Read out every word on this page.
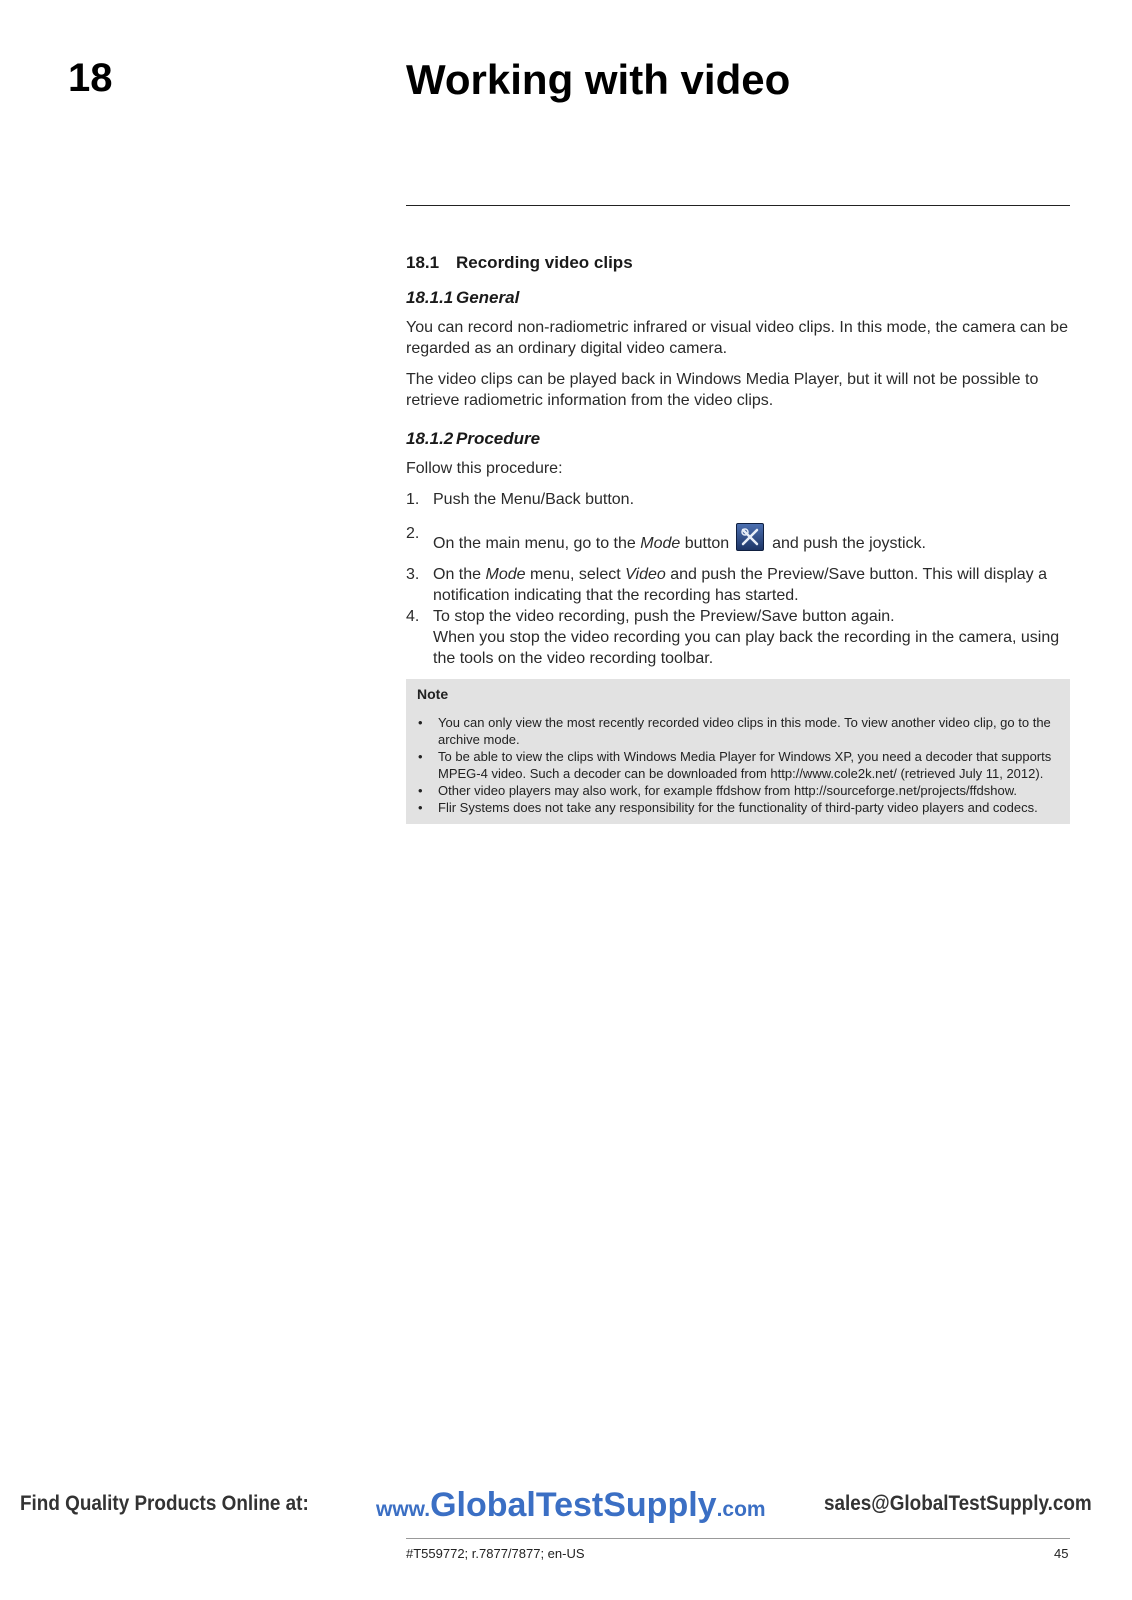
18	Working with video
18.1 Recording video clips
18.1.1 General

You can record non-radiometric infrared or visual video clips. In this mode, the camera can be regarded as an ordinary digital video camera.

The video clips can be played back in Windows Media Player, but it will not be possible to retrieve radiometric information from the video clips.

18.1.2 Procedure

Follow this procedure:

1. Push the Menu/Back button.
2.
On the main menu, go to the Mode button
and push the joystick.
3. On the Mode menu, select Video and push the Preview/Save button. This will display a notification indicating that the recording has started.
4. To stop the video recording, push the Preview/Save button again.
When you stop the video recording you can play back the recording in the camera, using the tools on the video recording toolbar.
Note
• You can only view the most recently recorded video clips in this mode. To view another video clip, go to the archive mode.
• To be able to view the clips with Windows Media Player for Windows XP, you need a decoder that supports MPEG-4 video. Such a decoder can be downloaded from http://www.cole2k.net/ (retrieved July 11, 2012).
• Other video players may also work, for example ffdshow from http://sourceforge.net/projects/ffdshow.
• Flir Systems does not take any responsibility for the functionality of third-party video players and codecs.
Find Quality Products Online at:	www.GlobalTestSupply.com	sales@GlobalTestSupply.com
#T559772; r.7877/7877; en-US	45
